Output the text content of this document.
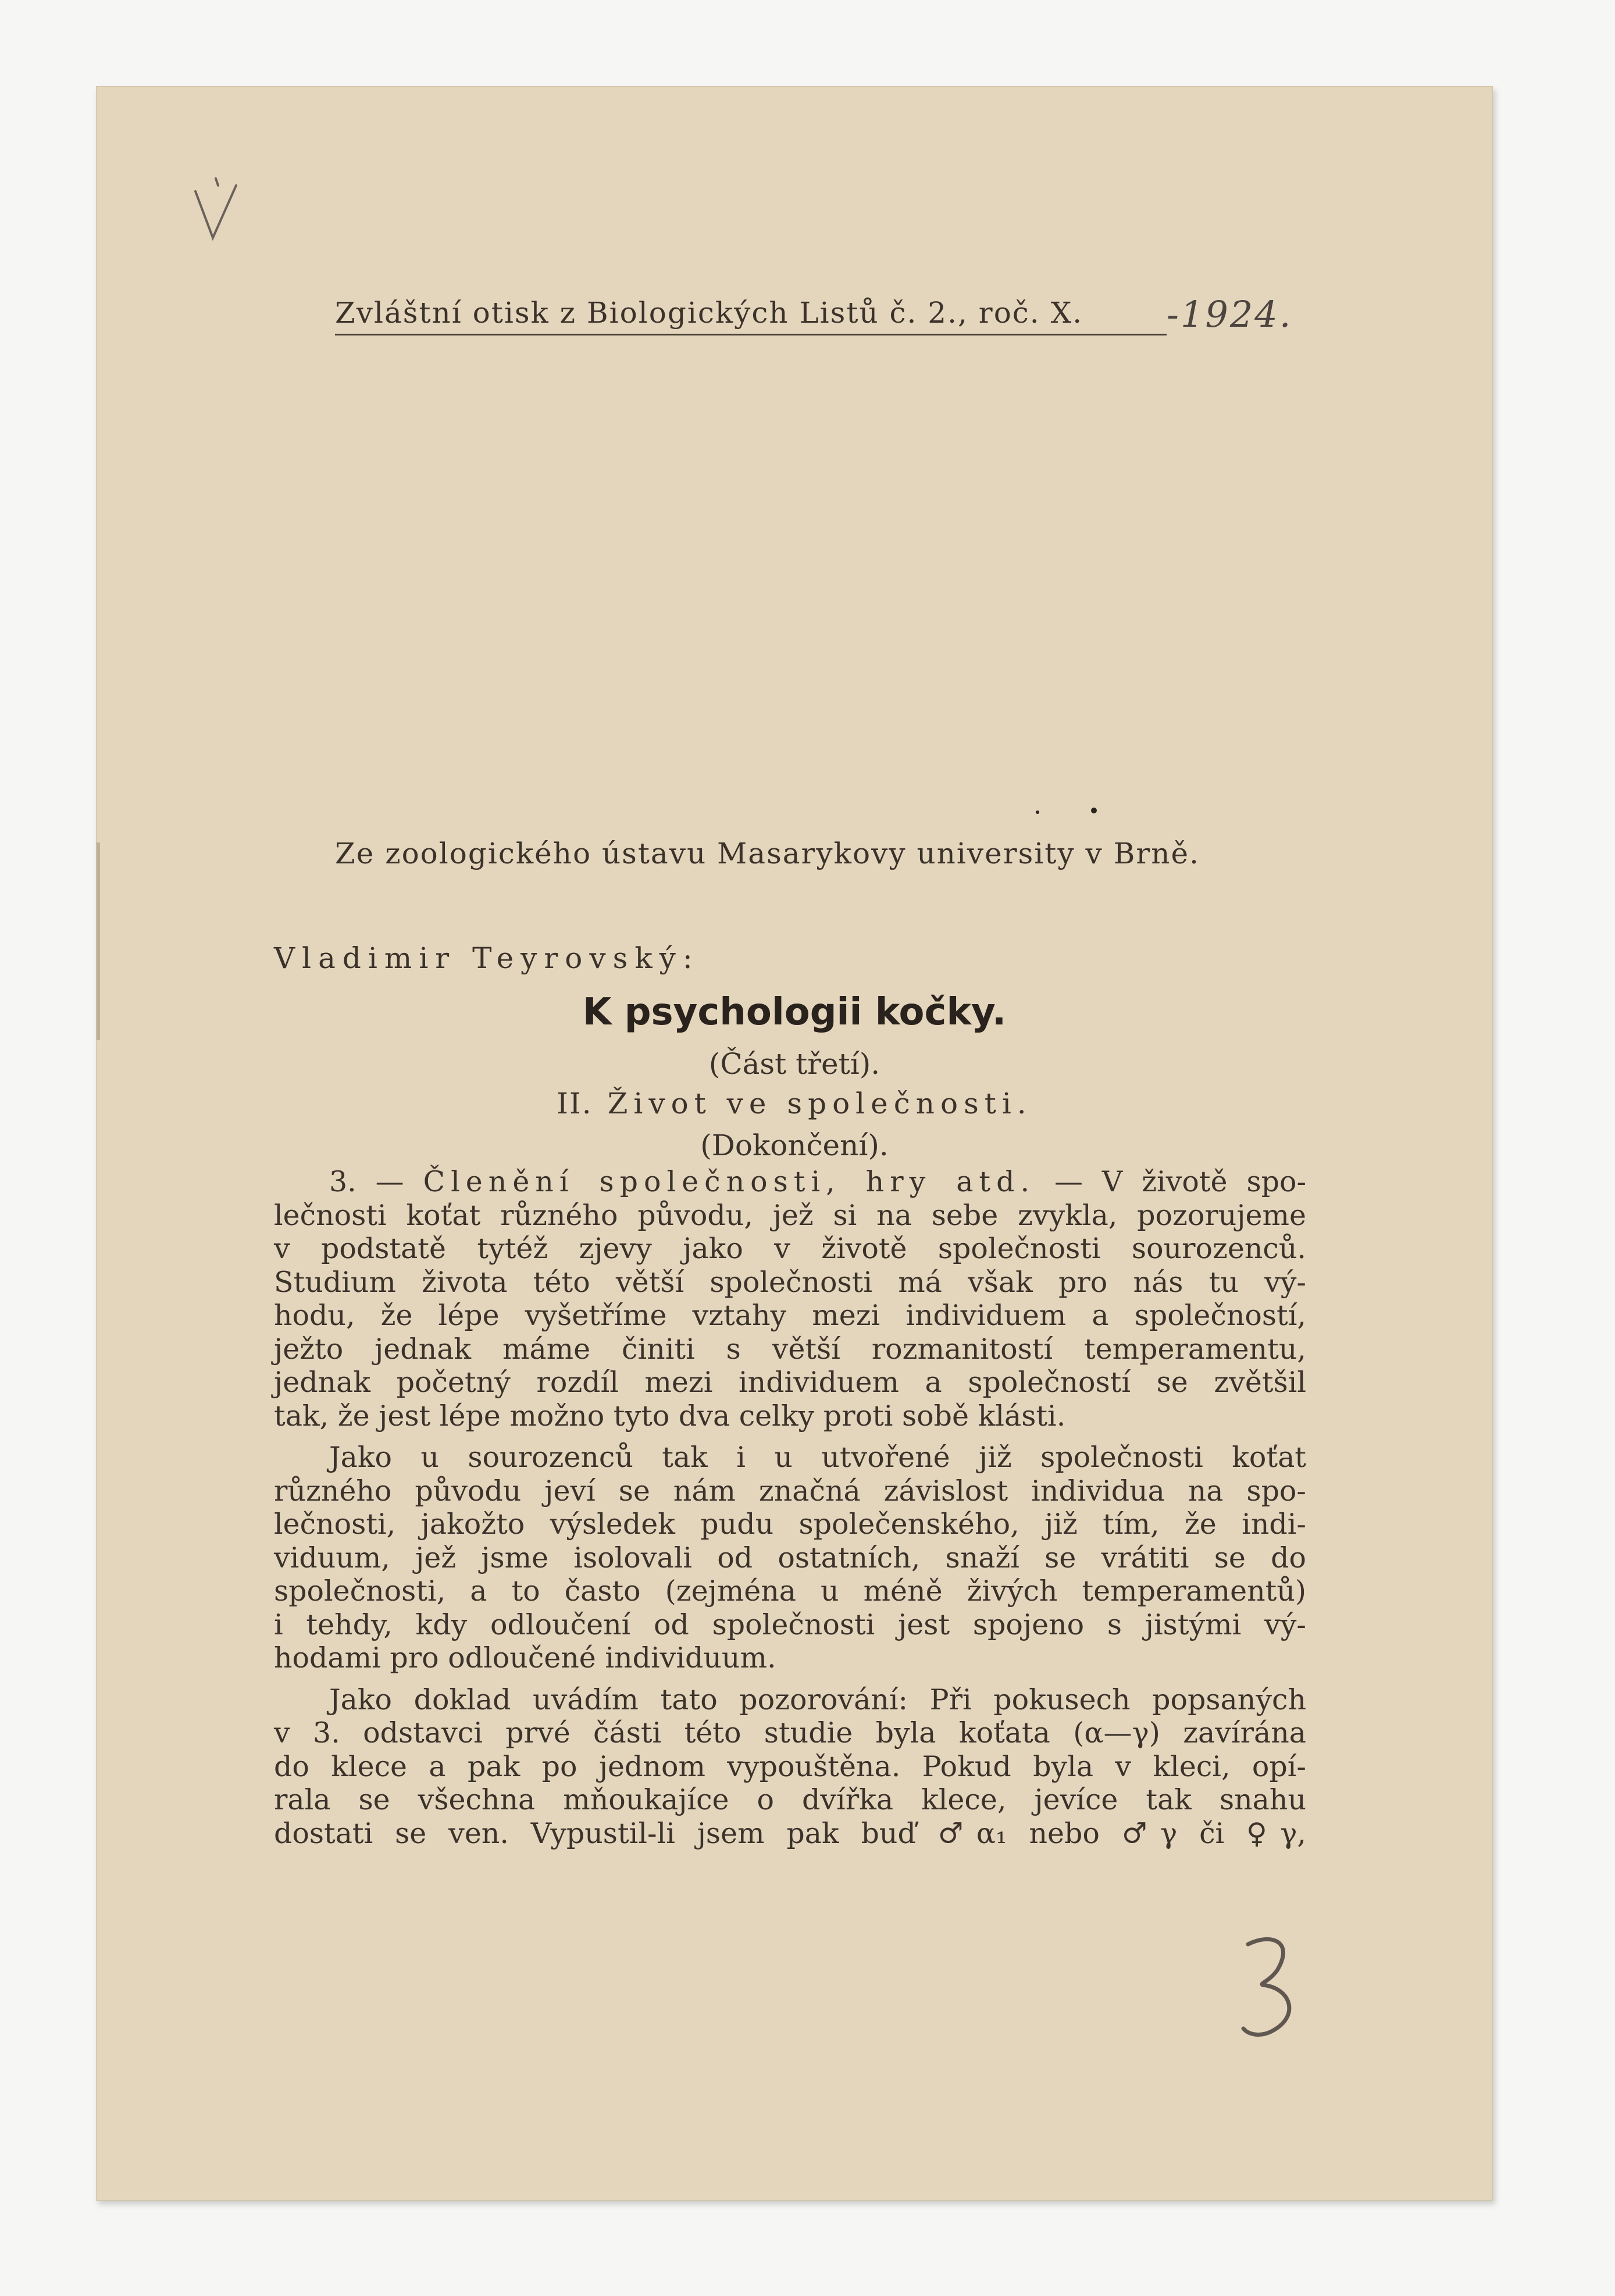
Zvláštní otisk z Biologických Listů č. 2., roč. X.	-1924.
Ze zoologického ústavu Masarykovy university v Brně.
Vladimir Teyrovský:
K psychologii kočky.
(Část třetí).
II. Život ve společnosti.
(Dokončení).
3. — Členění společnosti, hry atd. — V životě spo-
lečnosti koťat různého původu, jež si na sebe zvykla, pozorujeme
v podstatě tytéž zjevy jako v životě společnosti sourozenců.
Studium života této větší společnosti má však pro nás tu vý-
hodu, že lépe vyšetříme vztahy mezi individuem a společností,
ježto jednak máme činiti s větší rozmanitostí temperamentu,
jednak početný rozdíl mezi individuem a společností se zvětšil
tak, že jest lépe možno tyto dva celky proti sobě klásti.
Jako u sourozenců tak i u utvořené již společnosti koťat
různého původu jeví se nám značná závislost individua na spo-
lečnosti, jakožto výsledek pudu společenského, již tím, že indi-
viduum, jež jsme isolovali od ostatních, snaží se vrátiti se do
společnosti, a to často (zejména u méně živých temperamentů)
i tehdy, kdy odloučení od společnosti jest spojeno s jistými vý-
hodami pro odloučené individuum.
Jako doklad uvádím tato pozorování: Při pokusech popsaných
v 3. odstavci prvé části této studie byla koťata (α—γ) zavírána
do klece a pak po jednom vypouštěna. Pokud byla v kleci, opí-
rala se všechna mňoukajíce o dvířka klece, jevíce tak snahu
dostati se ven. Vypustil-li jsem pak buď ♂α₁ nebo ♂γ či ♀γ,
